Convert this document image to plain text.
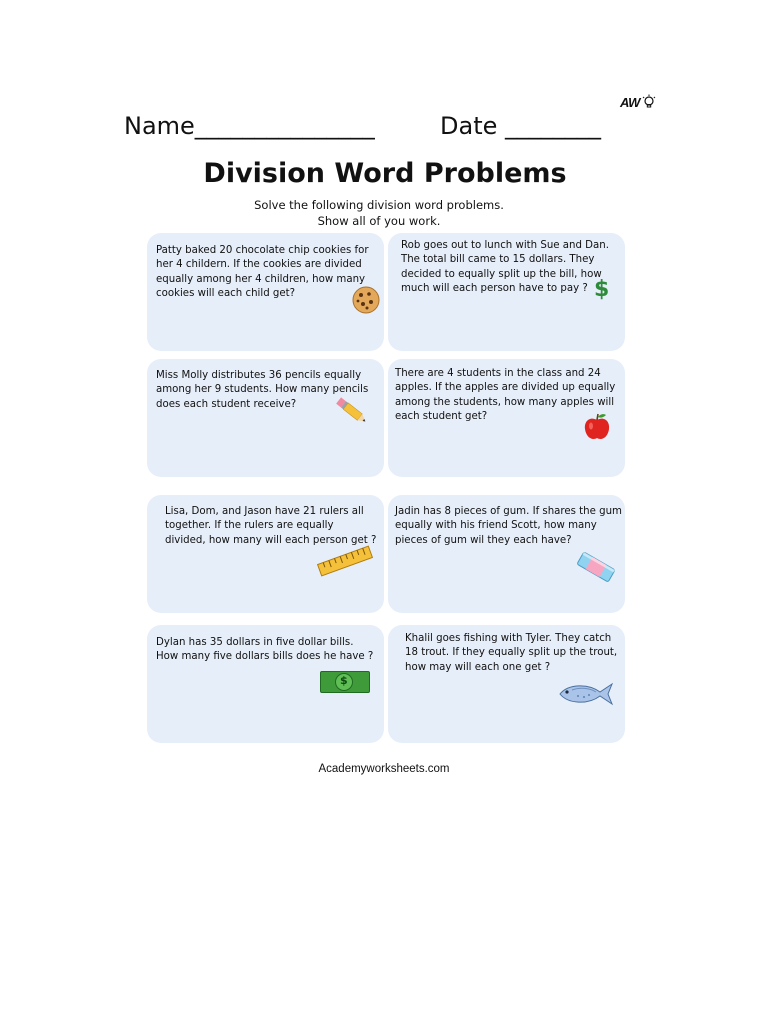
AW
Name_______________	Date ________
Division Word Problems
Solve the following division word problems.
Show all of you work.

Patty baked 20 chocolate chip cookies for her 4 childern. If the cookies are divided equally among her 4 children, how many cookies will each child get?

Rob goes out to lunch with Sue and Dan. The total bill came to 15 dollars. They decided to equally split up the bill, how much will each person have to pay ? $

Miss Molly distributes 36 pencils equally among her 9 students. How many pencils does each student receive?

There are 4 students in the class and 24 apples. If the apples are divided up equally among the students, how many apples will each student get?

Lisa, Dom, and Jason have 21 rulers all together. If the rulers are equally divided, how many will each person get ?

Jadin has 8 pieces of gum. If shares the gum equally with his friend Scott, how many pieces of gum wil they each have?

Dylan has 35 dollars in five dollar bills. How many five dollars bills does he have ?

$

Khalil goes fishing with Tyler. They catch 18 trout. If they equally split up the trout, how may will each one get ?

Academyworksheets.com
